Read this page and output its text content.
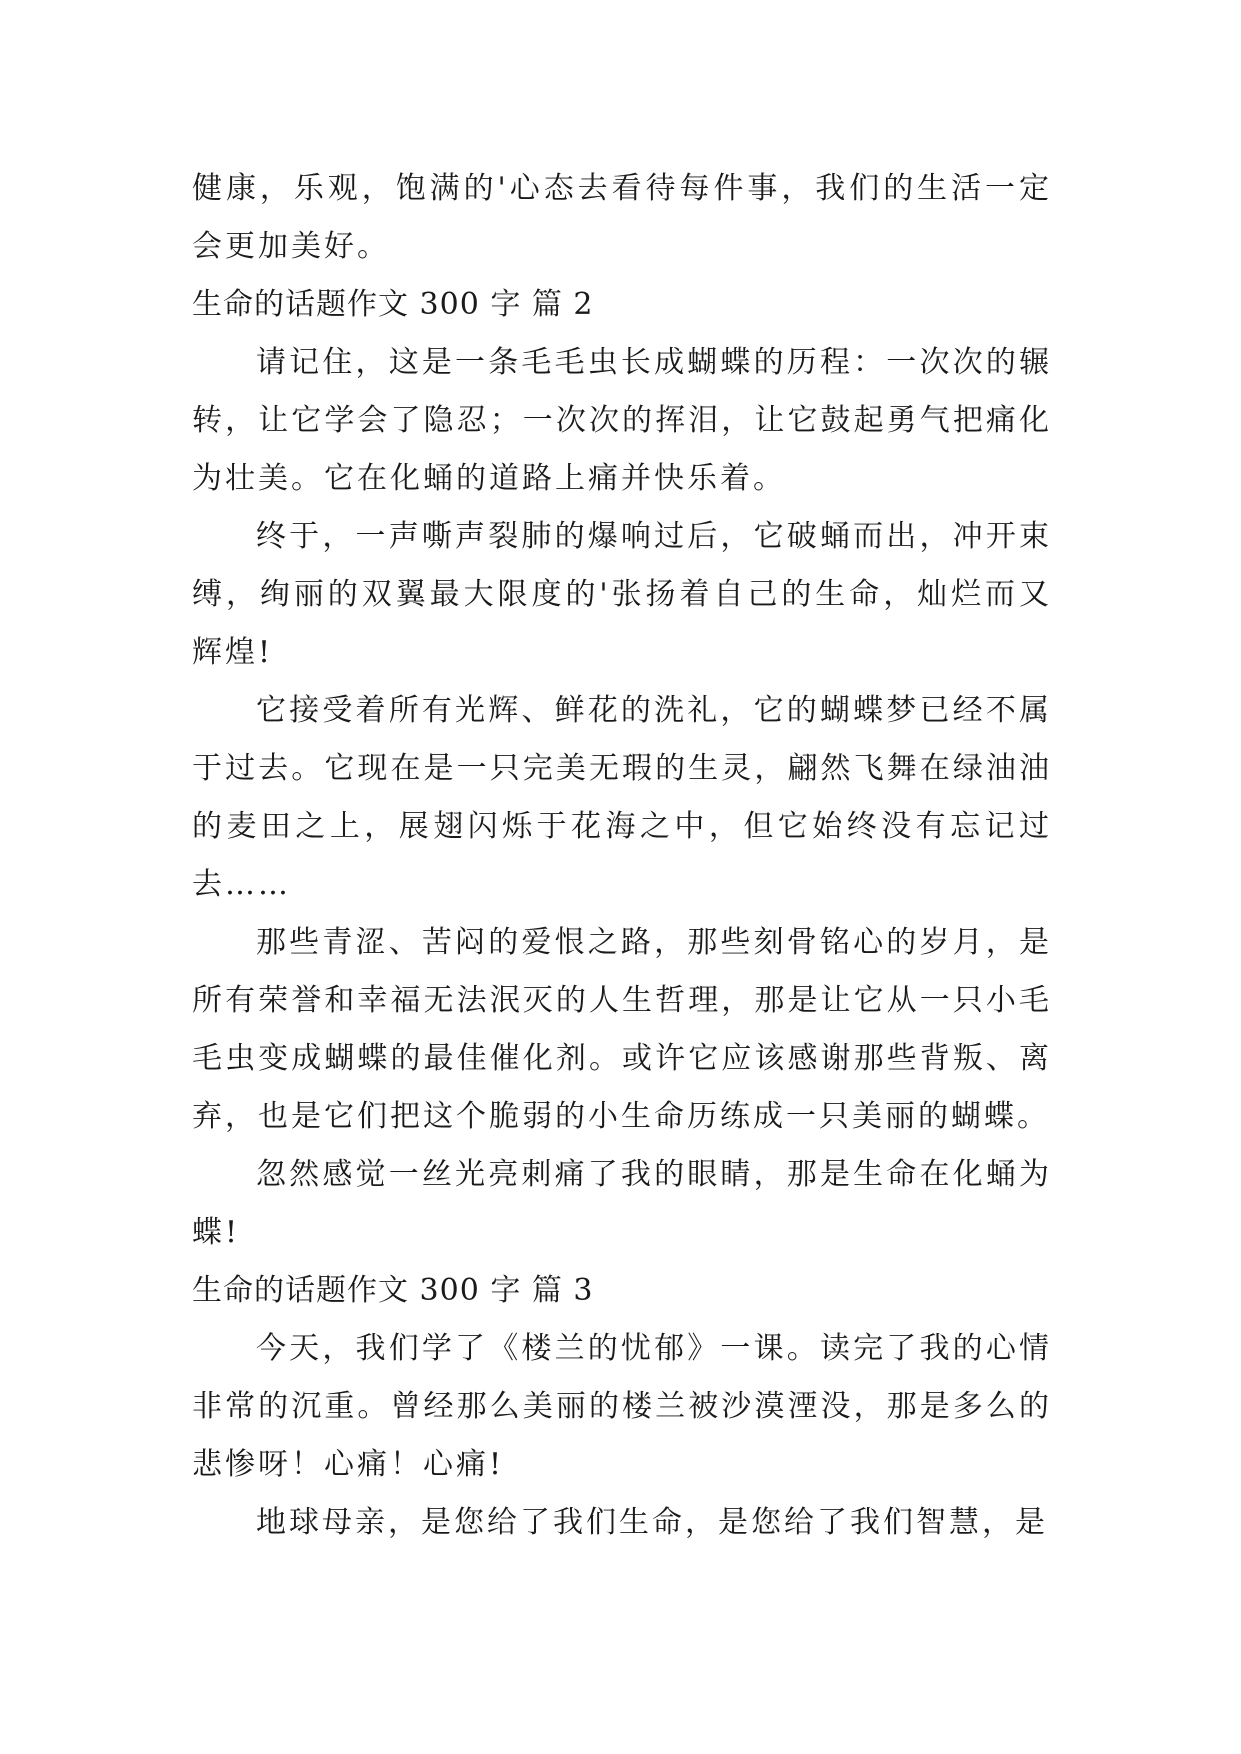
健康，乐观，饱满的'心态去看待每件事，我们的生活一定会更加美好。

生命的话题作文 300 字 篇 2

请记住，这是一条毛毛虫长成蝴蝶的历程：一次次的辗转，让它学会了隐忍；一次次的挥泪，让它鼓起勇气把痛化为壮美。它在化蛹的道路上痛并快乐着。

终于，一声嘶声裂肺的爆响过后，它破蛹而出，冲开束缚，绚丽的双翼最大限度的'张扬着自己的生命，灿烂而又辉煌!

它接受着所有光辉、鲜花的洗礼，它的蝴蝶梦已经不属于过去。它现在是一只完美无瑕的生灵，翩然飞舞在绿油油的麦田之上，展翅闪烁于花海之中，但它始终没有忘记过去……

那些青涩、苦闷的爱恨之路，那些刻骨铭心的岁月，是所有荣誉和幸福无法泯灭的人生哲理，那是让它从一只小毛毛虫变成蝴蝶的最佳催化剂。或许它应该感谢那些背叛、离弃，也是它们把这个脆弱的小生命历练成一只美丽的蝴蝶。

忽然感觉一丝光亮刺痛了我的眼睛，那是生命在化蛹为蝶!

生命的话题作文 300 字 篇 3

今天，我们学了《楼兰的忧郁》一课。读完了我的心情非常的沉重。曾经那么美丽的楼兰被沙漠湮没，那是多么的悲惨呀！心痛！心痛!

地球母亲，是您给了我们生命，是您给了我们智慧，是
